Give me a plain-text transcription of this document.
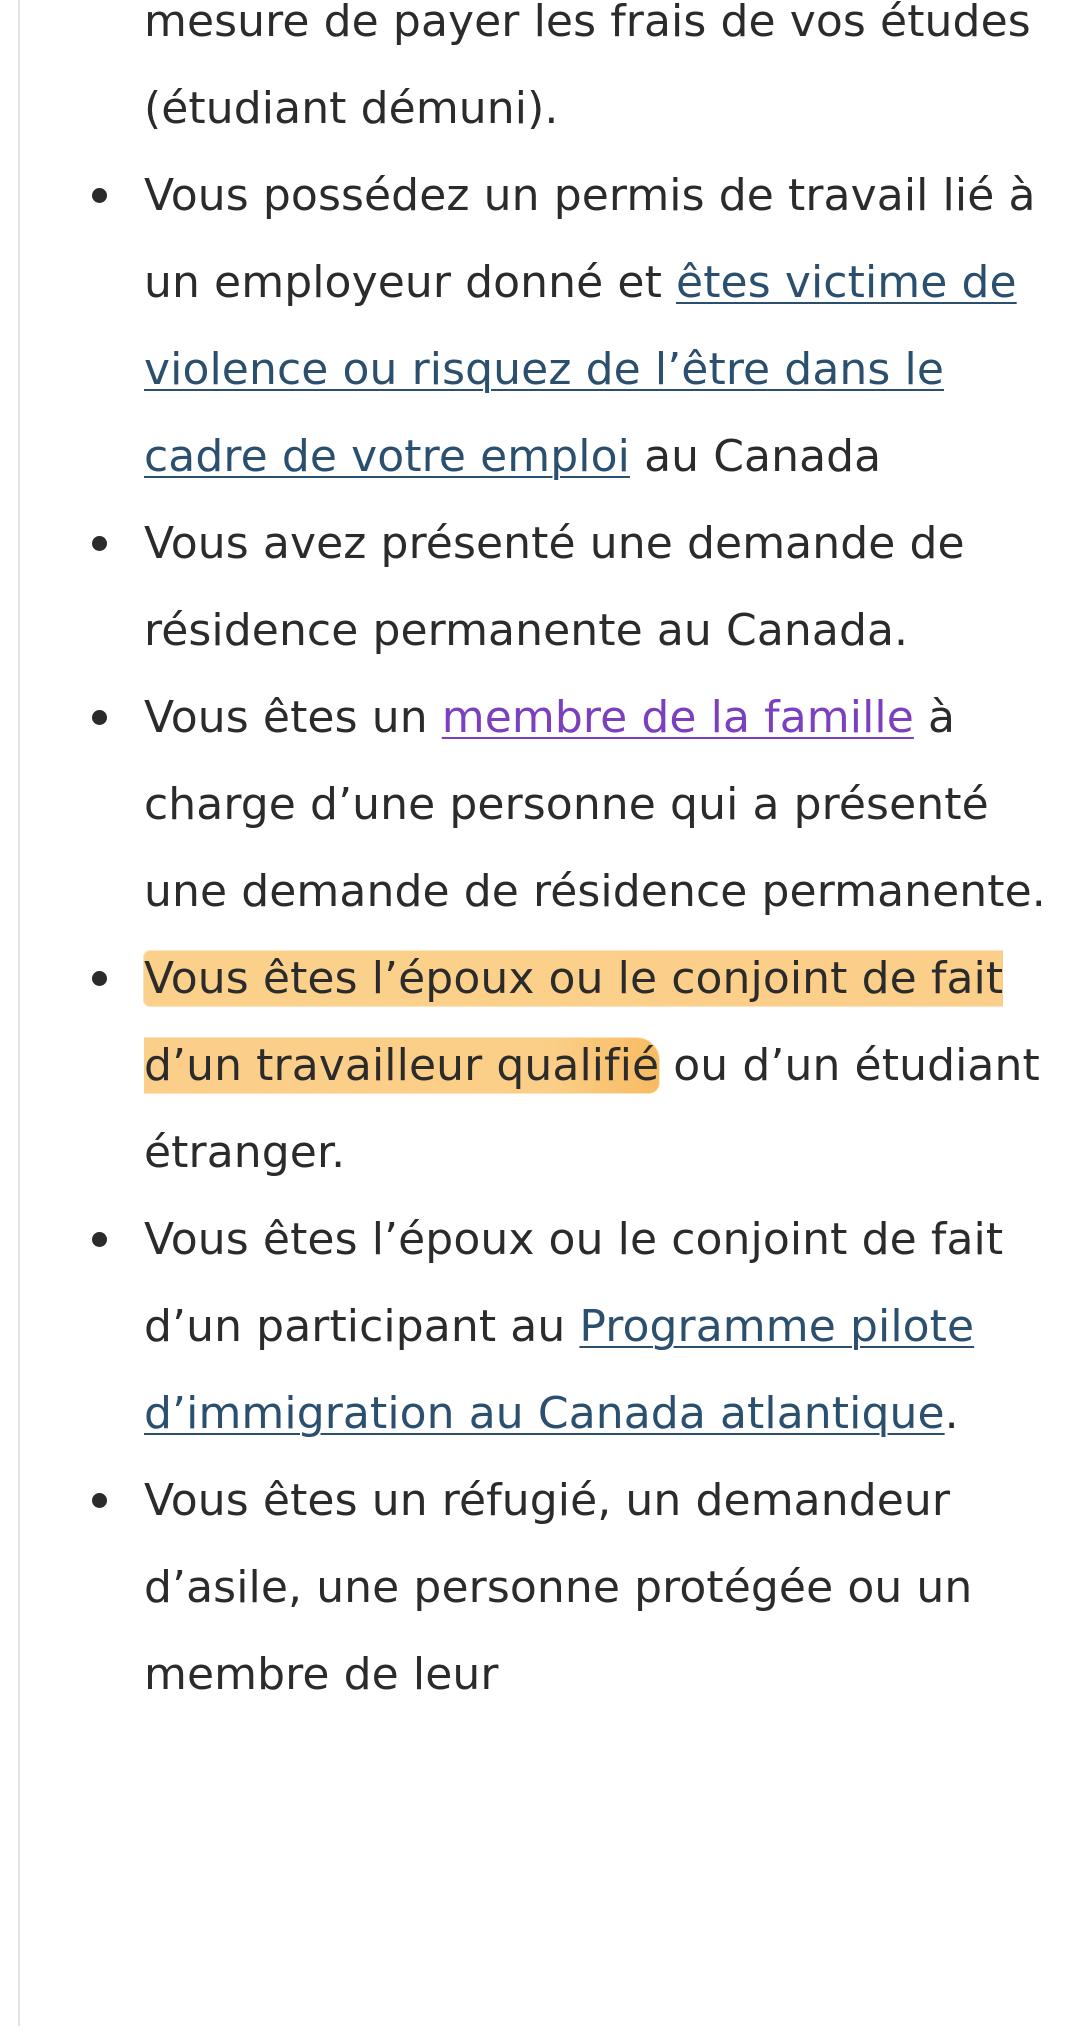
mesure de payer les frais de vos études (étudiant démuni).

Vous possédez un permis de travail lié à un employeur donné et êtes victime de violence ou risquez de l’être dans le cadre de votre emploi au Canada
Vous avez présenté une demande de résidence permanente au Canada.
Vous êtes un membre de la famille à charge d’une personne qui a présenté une demande de résidence permanente.
Vous êtes l’époux ou le conjoint de fait d’un travailleur qualifié ou d’un étudiant étranger.
Vous êtes l’époux ou le conjoint de fait d’un participant au Programme pilote d’immigration au Canada atlantique.
Vous êtes un réfugié, un demandeur d’asile, une personne protégée ou un membre de leur
